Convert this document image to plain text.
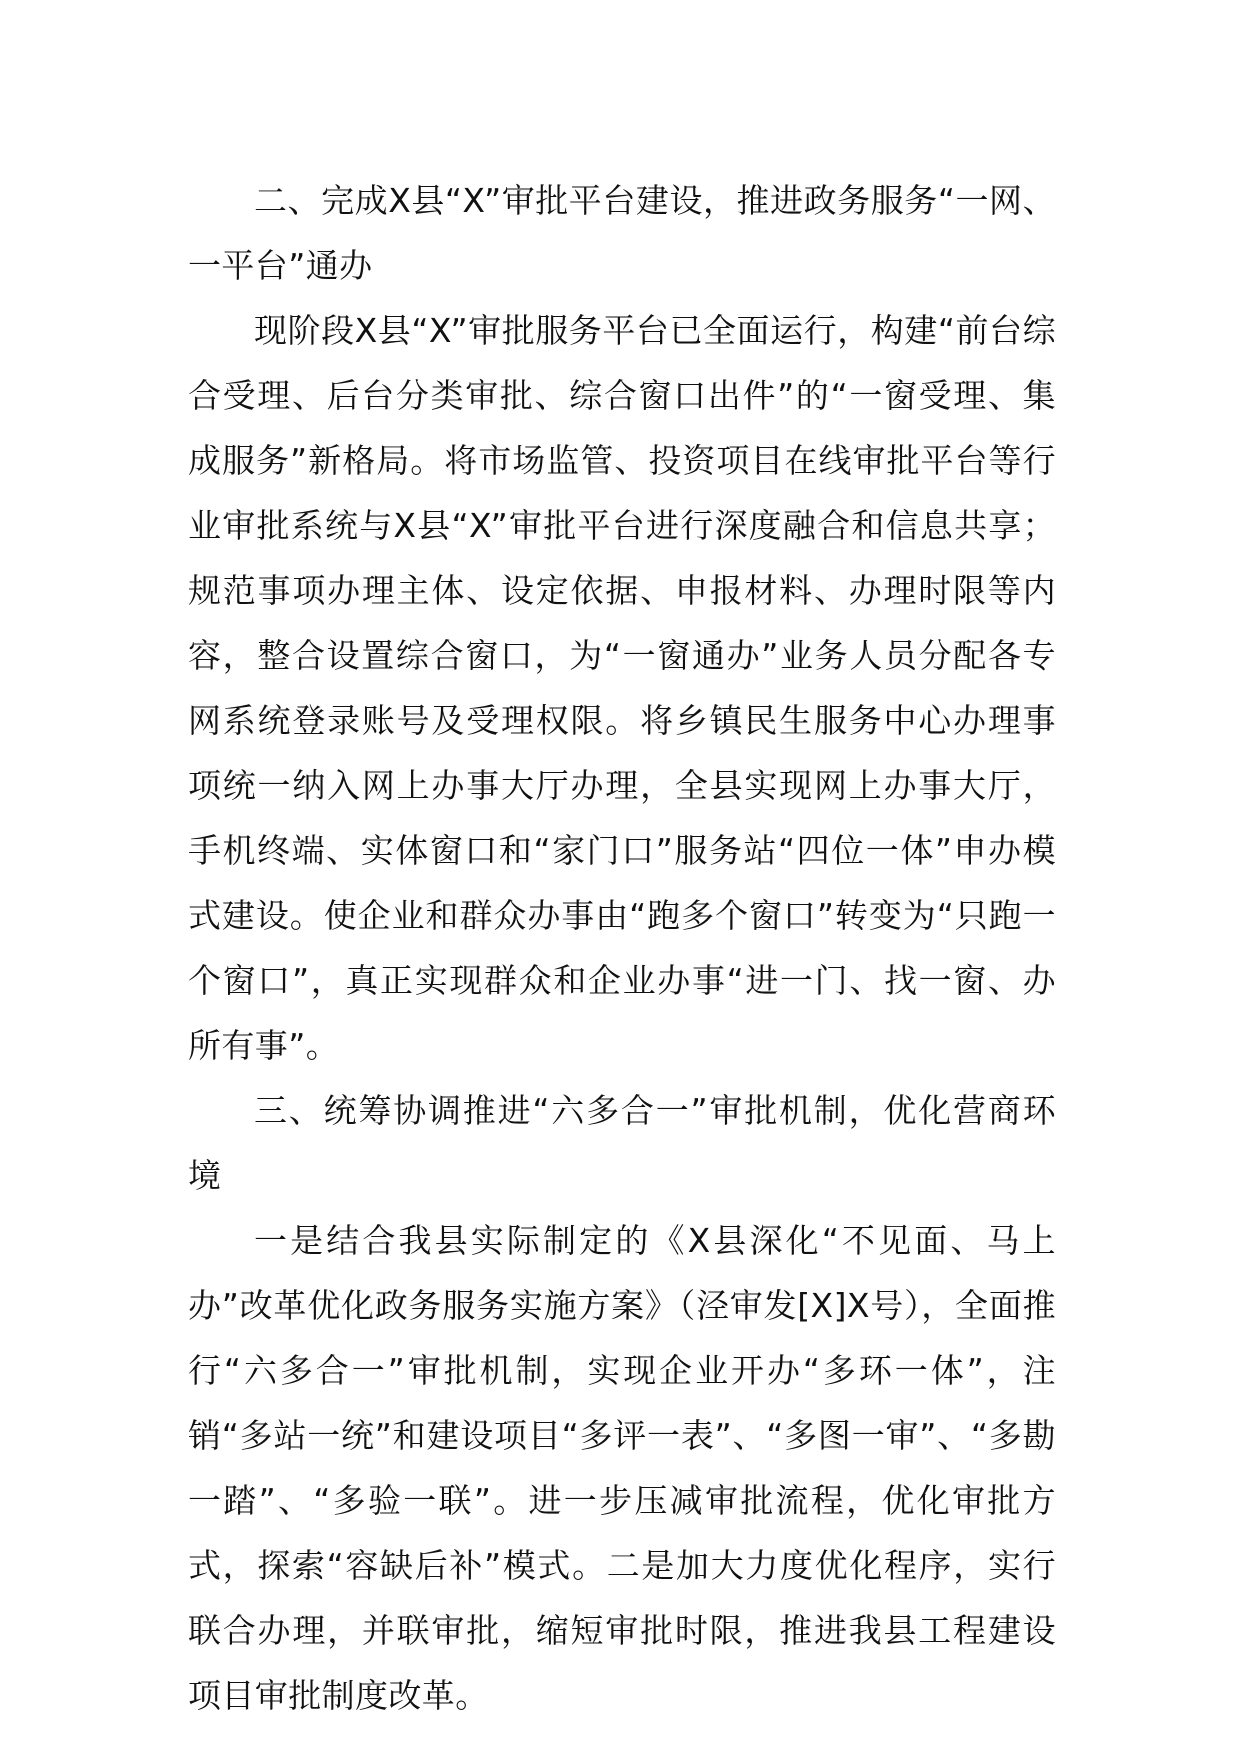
二、完成X县“X”审批平台建设，推进政务服务“一网、一平台”通办

现阶段X县“X”审批服务平台已全面运行，构建“前台综合受理、后台分类审批、综合窗口出件”的“一窗受理、集成服务”新格局。将市场监管、投资项目在线审批平台等行业审批系统与X县“X”审批平台进行深度融合和信息共享；规范事项办理主体、设定依据、申报材料、办理时限等内容，整合设置综合窗口，为“一窗通办”业务人员分配各专网系统登录账号及受理权限。将乡镇民生服务中心办理事项统一纳入网上办事大厅办理，全县实现网上办事大厅，手机终端、实体窗口和“家门口”服务站“四位一体”申办模式建设。使企业和群众办事由“跑多个窗口”转变为“只跑一个窗口”，真正实现群众和企业办事“进一门、找一窗、办所有事”。

三、统筹协调推进“六多合一”审批机制，优化营商环境

一是结合我县实际制定的《X县深化“不见面、马上办”改革优化政务服务实施方案》（泾审发[X]X号），全面推行“六多合一”审批机制，实现企业开办“多环一体”，注销“多站一统”和建设项目“多评一表”、“多图一审”、“多勘一踏”、“多验一联”。进一步压减审批流程，优化审批方式，探索“容缺后补”模式。二是加大力度优化程序，实行联合办理，并联审批，缩短审批时限，推进我县工程建设项目审批制度改革。
